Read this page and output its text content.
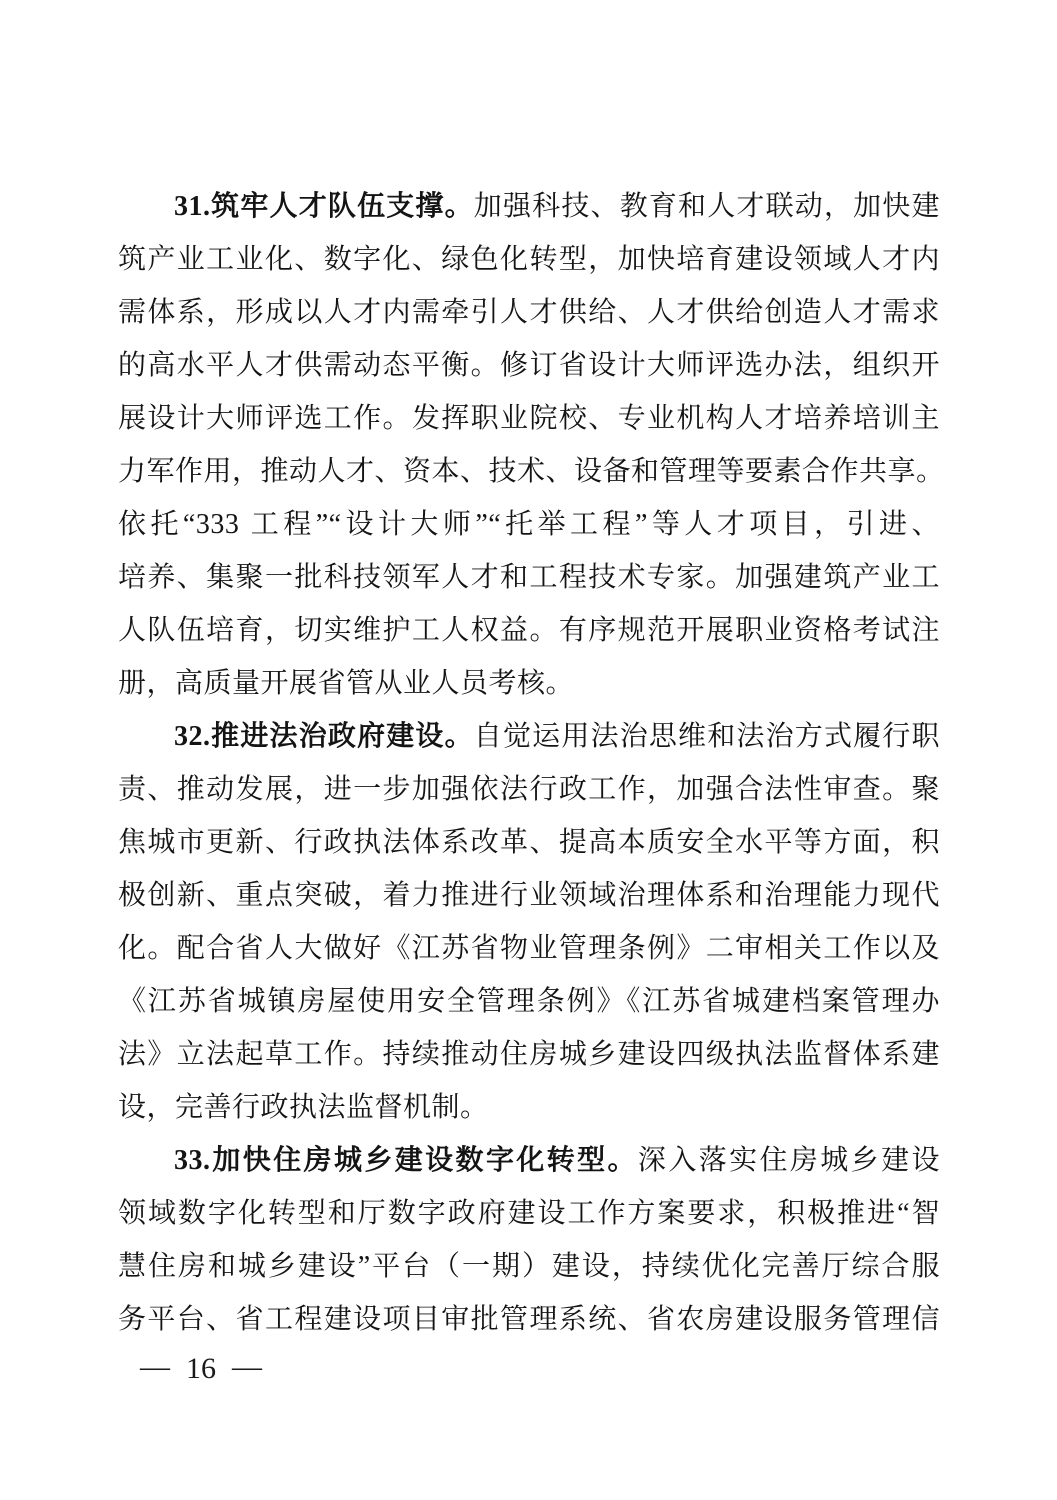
31.筑牢人才队伍支撑。加强科技、教育和人才联动，加快建
筑产业工业化、数字化、绿色化转型，加快培育建设领域人才内
需体系，形成以人才内需牵引人才供给、人才供给创造人才需求
的高水平人才供需动态平衡。修订省设计大师评选办法，组织开
展设计大师评选工作。发挥职业院校、专业机构人才培养培训主
力军作用，推动人才、资本、技术、设备和管理等要素合作共享。
依托“333 工程”“设计大师”“托举工程”等人才项目，引进、
培养、集聚一批科技领军人才和工程技术专家。加强建筑产业工
人队伍培育，切实维护工人权益。有序规范开展职业资格考试注
册，高质量开展省管从业人员考核。
32.推进法治政府建设。自觉运用法治思维和法治方式履行职
责、推动发展，进一步加强依法行政工作，加强合法性审查。聚
焦城市更新、行政执法体系改革、提高本质安全水平等方面，积
极创新、重点突破，着力推进行业领域治理体系和治理能力现代
化。配合省人大做好《江苏省物业管理条例》二审相关工作以及
《江苏省城镇房屋使用安全管理条例》《江苏省城建档案管理办
法》立法起草工作。持续推动住房城乡建设四级执法监督体系建
设，完善行政执法监督机制。
33.加快住房城乡建设数字化转型。深入落实住房城乡建设
领域数字化转型和厅数字政府建设工作方案要求，积极推进“智
慧住房和城乡建设”平台（一期）建设，持续优化完善厅综合服
务平台、省工程建设项目审批管理系统、省农房建设服务管理信
— 16 —
